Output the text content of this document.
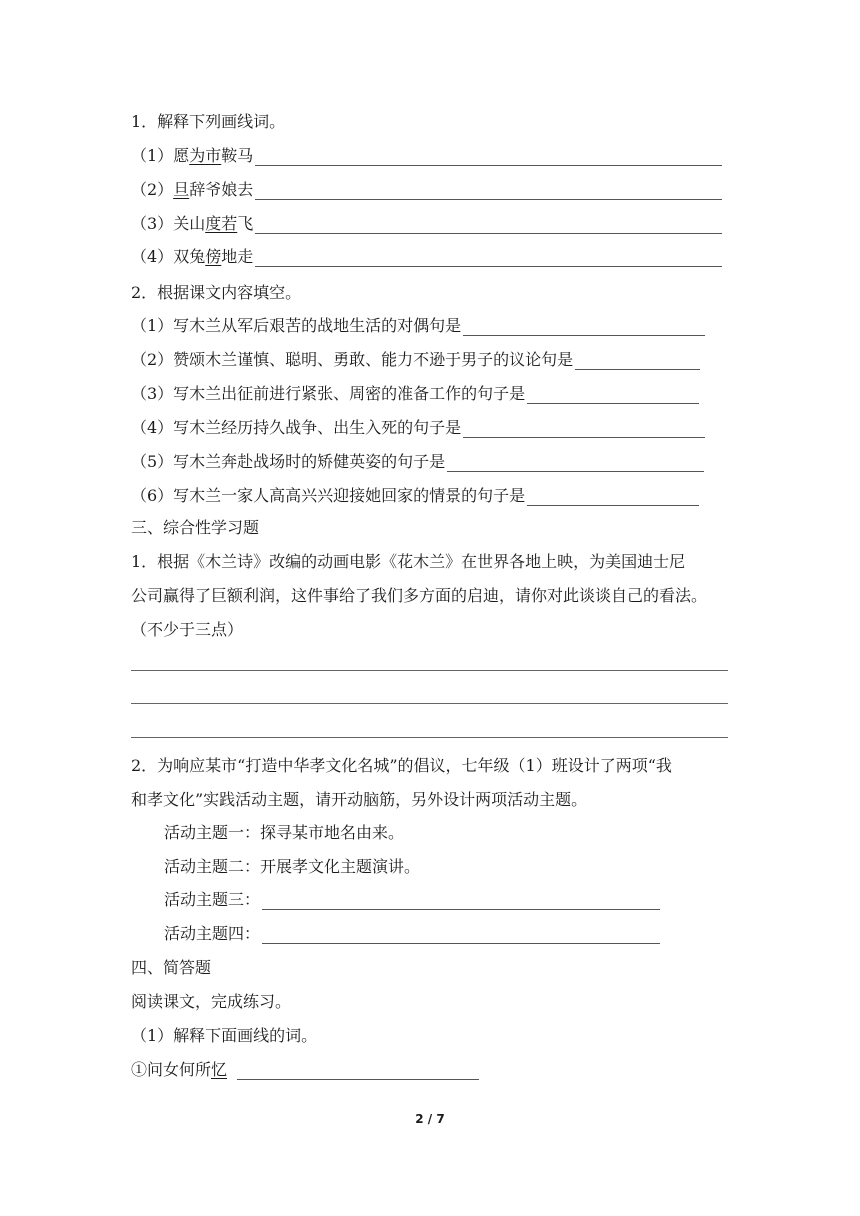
1．解释下列画线词。
（1） 愿 为市 鞍马
（2） 旦 辞爷娘去
（3） 关山 度若 飞
（4） 双兔 傍 地走
2．根据课文内容填空。
（1）写木兰从军后艰苦的战地生活的对偶句是
（2）赞颂木兰谨慎、聪明、勇敢、能力不逊于男子的议论句是
（3）写木兰出征前进行紧张、周密的准备工作的句子是
（4）写木兰经历持久战争、出生入死的句子是
（5）写木兰奔赴战场时的矫健英姿的句子是
（6）写木兰一家人高高兴兴迎接她回家的情景的句子是
三、综合性学习题
1．根据《木兰诗》改编的动画电影《花木兰》在世界各地上映，为美国迪士尼
公司赢得了巨额利润，这件事给了我们多方面的启迪，请你对此谈谈自己的看法。
（不少于三点）
2．为响应某市“打造中华孝文化名城”的倡议，七年级（1）班设计了两项“我
和孝文化”实践活动主题，请开动脑筋，另外设计两项活动主题。
活动主题一：探寻某市地名由来。
活动主题二：开展孝文化主题演讲。
活动主题三：
活动主题四：
四、简答题
阅读课文，完成练习。
（1）解释下面画线的词。
①问女何所 忆
2 / 7
